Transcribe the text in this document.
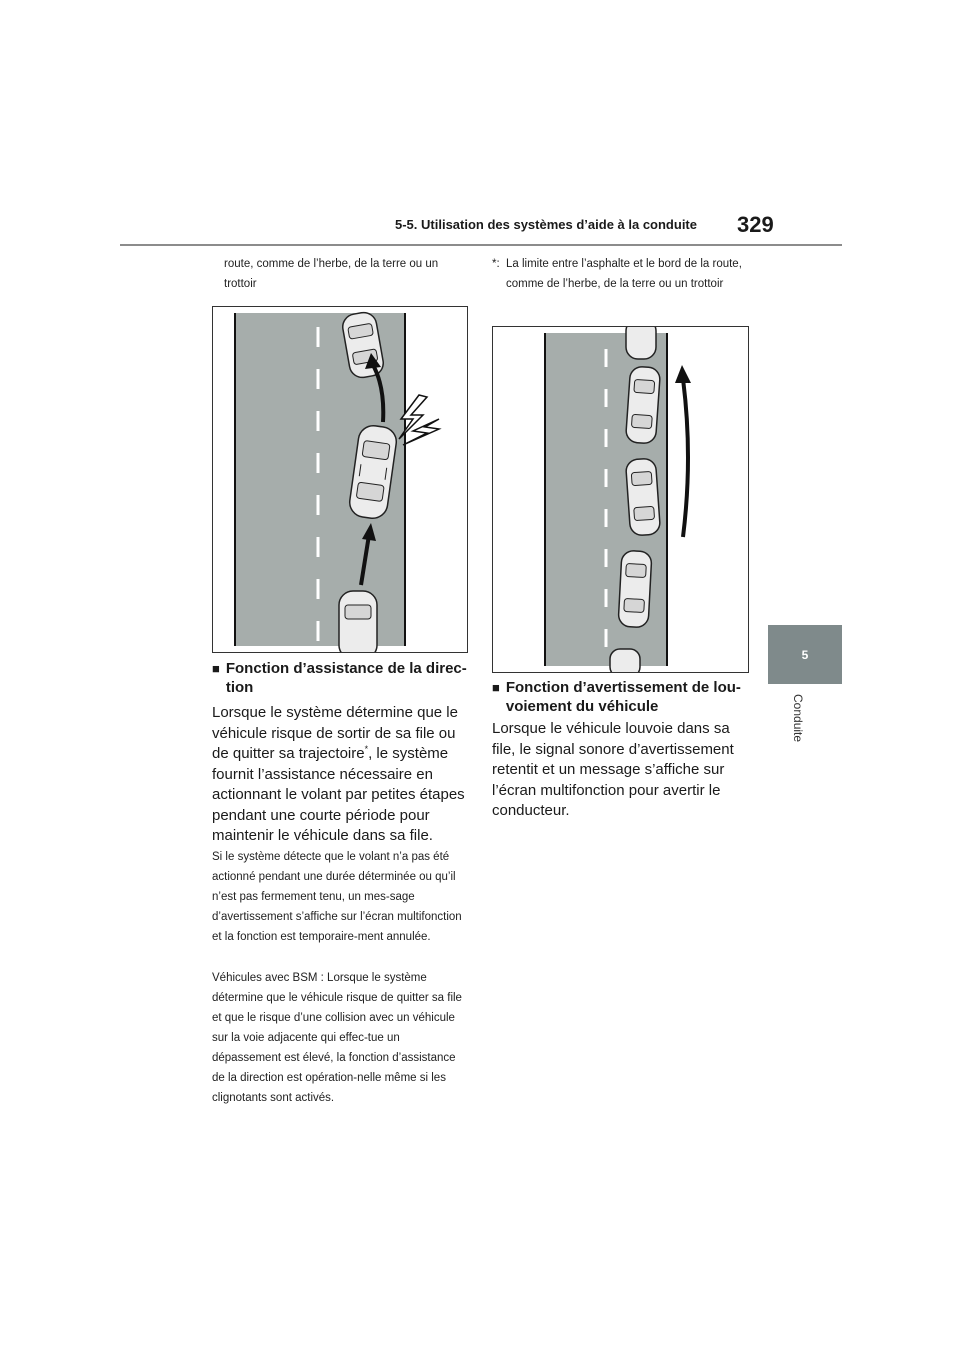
5-5. Utilisation des systèmes d’aide à la conduite 329
5
Conduite
route, comme de l’herbe, de la terre ou un trottoir
■ Fonction d’assistance de la direc-tion
Lorsque le système détermine que le véhicule risque de sortir de sa file ou de quitter sa trajectoire*, le système fournit l’assistance nécessaire en actionnant le volant par petites étapes pendant une courte période pour maintenir le véhicule dans sa file.
Si le système détecte que le volant n’a pas été actionné pendant une durée déterminée ou qu’il n’est pas fermement tenu, un mes-sage d’avertissement s’affiche sur l’écran multifonction et la fonction est temporaire-ment annulée.
Véhicules avec BSM : Lorsque le système détermine que le véhicule risque de quitter sa file et que le risque d’une collision avec un véhicule sur la voie adjacente qui effec-tue un dépassement est élevé, la fonction d’assistance de la direction est opération-nelle même si les clignotants sont activés.
*: La limite entre l’asphalte et le bord de la route, comme de l’herbe, de la terre ou un trottoir
■ Fonction d’avertissement de lou-voiement du véhicule
Lorsque le véhicule louvoie dans sa file, le signal sonore d’avertissement retentit et un message s’affiche sur l’écran multifonction pour avertir le conducteur.
